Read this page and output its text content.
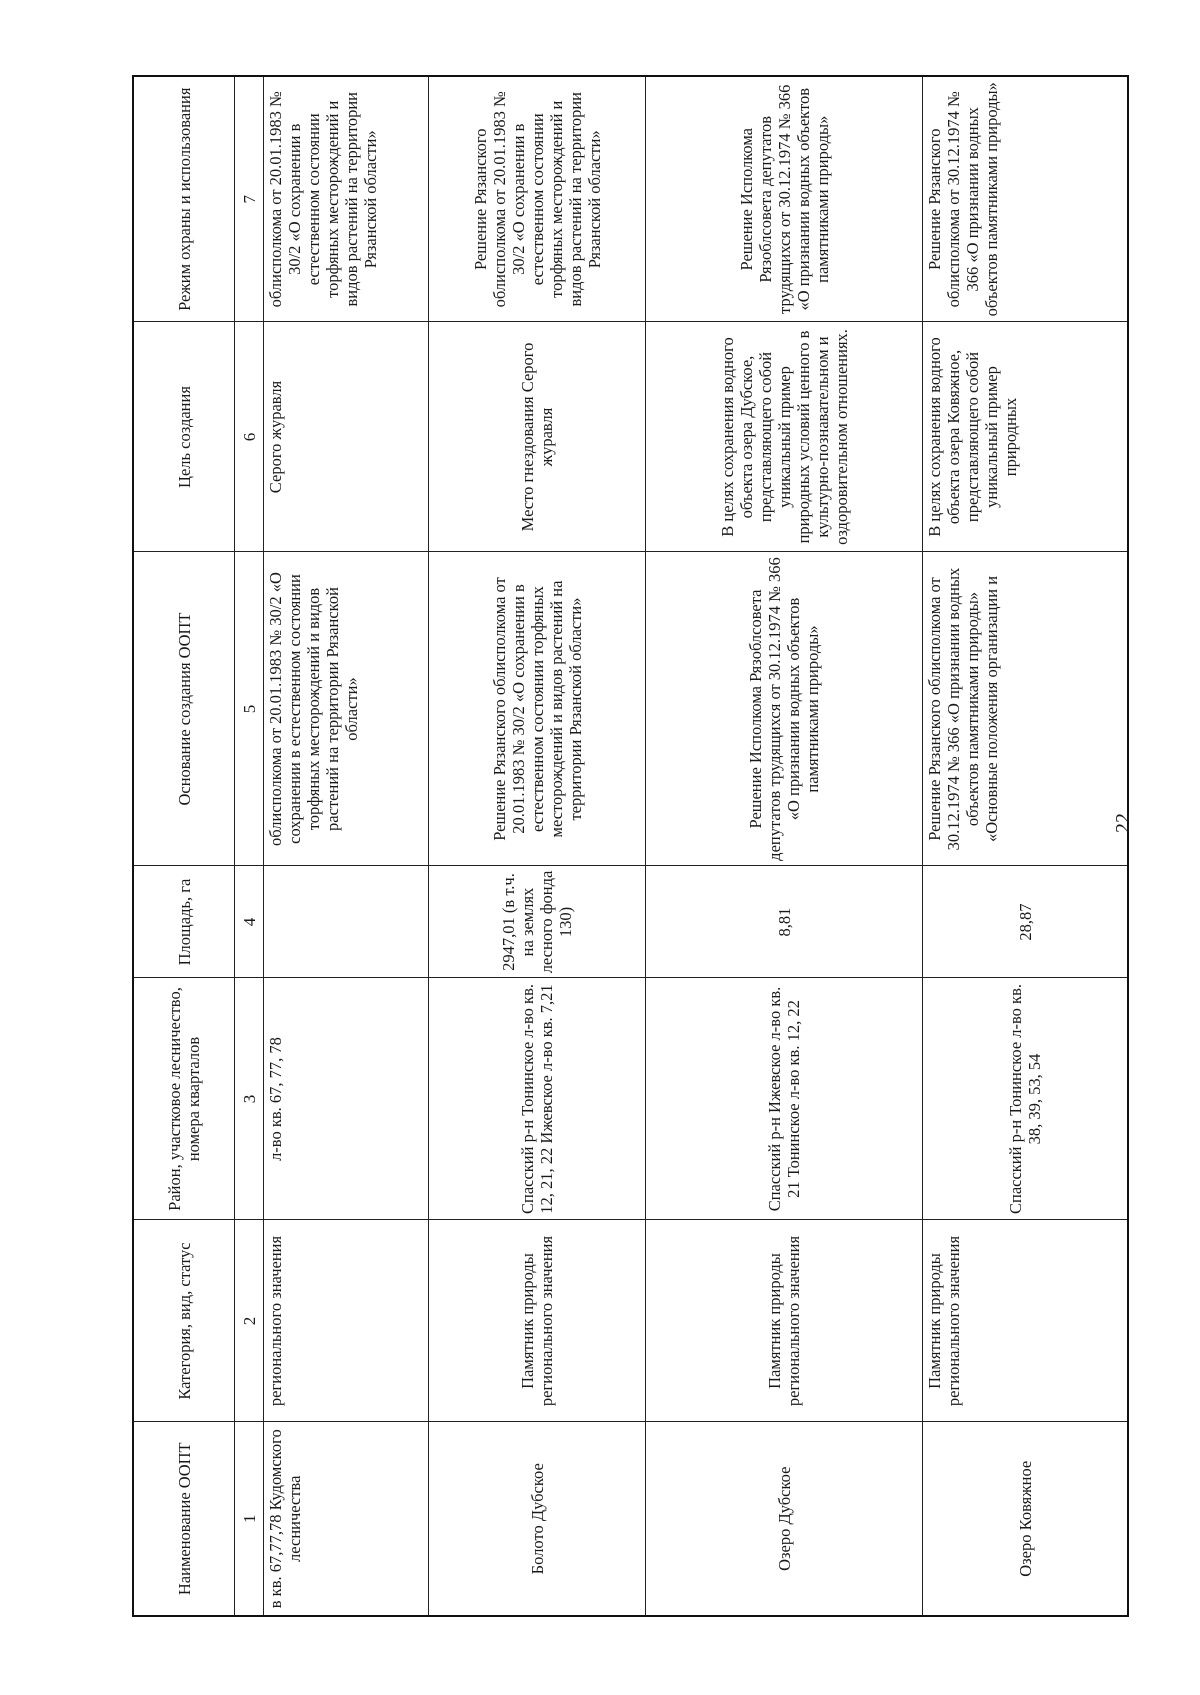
Наименование ООПТ	Категория, вид, статус	Район, участковое лесничество, номера кварталов	Площадь, га	Основание создания ООПТ	Цель создания	Режим охраны и использования
1	2	3	4	5	6	7
в кв. 67,77,78 Кудомского лесничества	регионального значения	л-во кв. 67, 77, 78		облисполкома от 20.01.1983 № 30/2 «О сохранении в естественном состоянии торфяных месторождений и видов растений на территории Рязанской области»	Серого журавля	облисполкома от 20.01.1983 № 30/2 «О сохранении в естественном состоянии торфяных месторождений и видов растений на территории Рязанской области»
Болото Дубское	Памятник природы регионального значения	Спасский р-н Тонинское л-во кв. 12, 21, 22 Ижевское л-во кв. 7,21	2947,01 (в т.ч. на землях лесного фонда 130)	Решение Рязанского облисполкома от 20.01.1983 № 30/2 «О сохранении в естественном состоянии торфяных месторождений и видов растений на территории Рязанской области»	Место гнездования Серого журавля	Решение Рязанского облисполкома от 20.01.1983 № 30/2 «О сохранении в естественном состоянии торфяных месторождений и видов растений на территории Рязанской области»
Озеро Дубское	Памятник природы регионального значения	Спасский р-н Ижевское л-во кв. 21 Тонинское л-во кв. 12, 22	8,81	Решение Исполкома Рязоблсовета депутатов трудящихся от 30.12.1974 № 366 «О признании водных объектов памятниками природы»	В целях сохранения водного объекта озера Дубское, представляющего собой уникальный пример природных условий ценного в культурно-познавательном и оздоровительном отношениях.	Решение Исполкома Рязоблсовета депутатов трудящихся от 30.12.1974 № 366 «О признании водных объектов памятниками природы»
Озеро Ковяжное	Памятник природы регионального значения	Спасский р-н Тонинское л-во кв. 38, 39, 53, 54	28,87	Решение Рязанского облисполкома от 30.12.1974 № 366 «О признании водных объектов памятниками природы» «Основные положения организации и	В целях сохранения водного объекта озера Ковяжное, представляющего собой уникальный пример природных	Решение Рязанского облисполкома от 30.12.1974 № 366 «О признании водных объектов памятниками природы»
22
